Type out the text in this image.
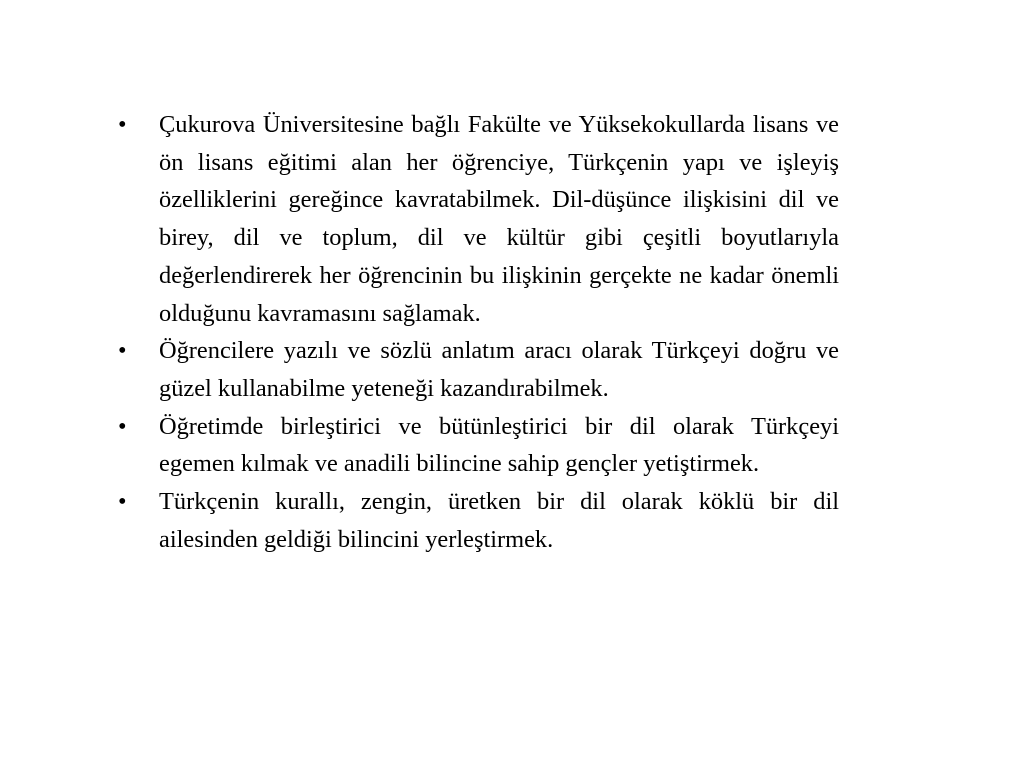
•	Çukurova Üniversitesine bağlı Fakülte ve Yüksekokullarda lisans ve ön lisans eğitimi alan her öğrenciye, Türkçenin yapı ve işleyiş özelliklerini gereğince kavratabilmek. Dil-düşünce ilişkisini dil ve birey, dil ve toplum, dil ve kültür gibi çeşitli boyutlarıyla değerlendirerek her öğrencinin bu ilişkinin gerçekte ne kadar önemli olduğunu kavramasını sağlamak.
•	Öğrencilere yazılı ve sözlü anlatım aracı olarak Türkçeyi doğru ve güzel kullanabilme yeteneği kazandırabilmek.
•	Öğretimde birleştirici ve bütünleştirici bir dil olarak Türkçeyi egemen kılmak ve anadili bilincine sahip gençler yetiştirmek.
•	Türkçenin kurallı, zengin, üretken bir dil olarak köklü bir dil ailesinden geldiği bilincini yerleştirmek.
